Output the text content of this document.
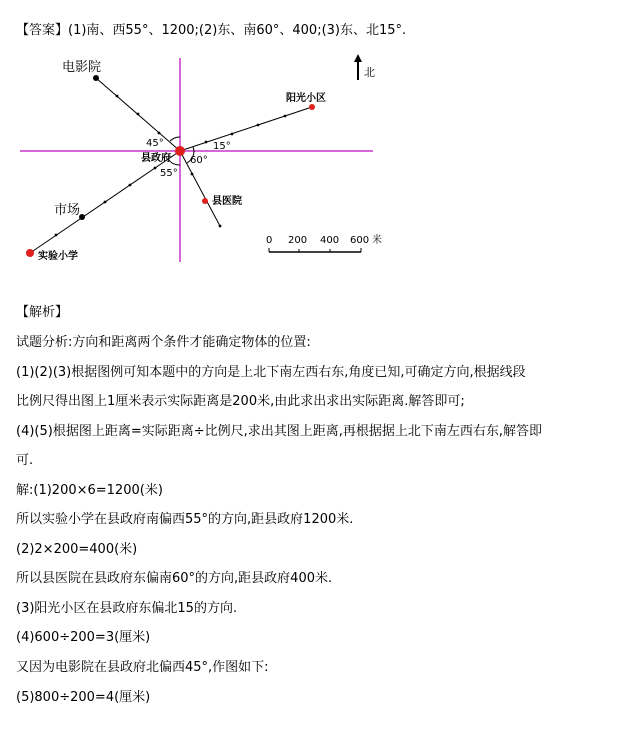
【答案】(1)南、西55°、1200;(2)东、南60°、400;(3)东、北15°.
北
电影院
阳光小区
县医院
市场
实验小学
县政府
45°	15°
60°
55°
0 200 400 600 米
【解析】
试题分析:方向和距离两个条件才能确定物体的位置:
(1)(2)(3)根据图例可知本题中的方向是上北下南左西右东,角度已知,可确定方向,根据线段
比例尺得出图上1厘米表示实际距离是200米,由此求出求出实际距离.解答即可;
(4)(5)根据图上距离=实际距离÷比例尺,求出其图上距离,再根据据上北下南左西右东,解答即
可.
解:(1)200×6=1200(米)
所以实验小学在县政府南偏西55°的方向,距县政府1200米.
(2)2×200=400(米)
所以县医院在县政府东偏南60°的方向,距县政府400米.
(3)阳光小区在县政府东偏北15的方向.
(4)600÷200=3(厘米)
又因为电影院在县政府北偏西45°,作图如下:
(5)800÷200=4(厘米)
